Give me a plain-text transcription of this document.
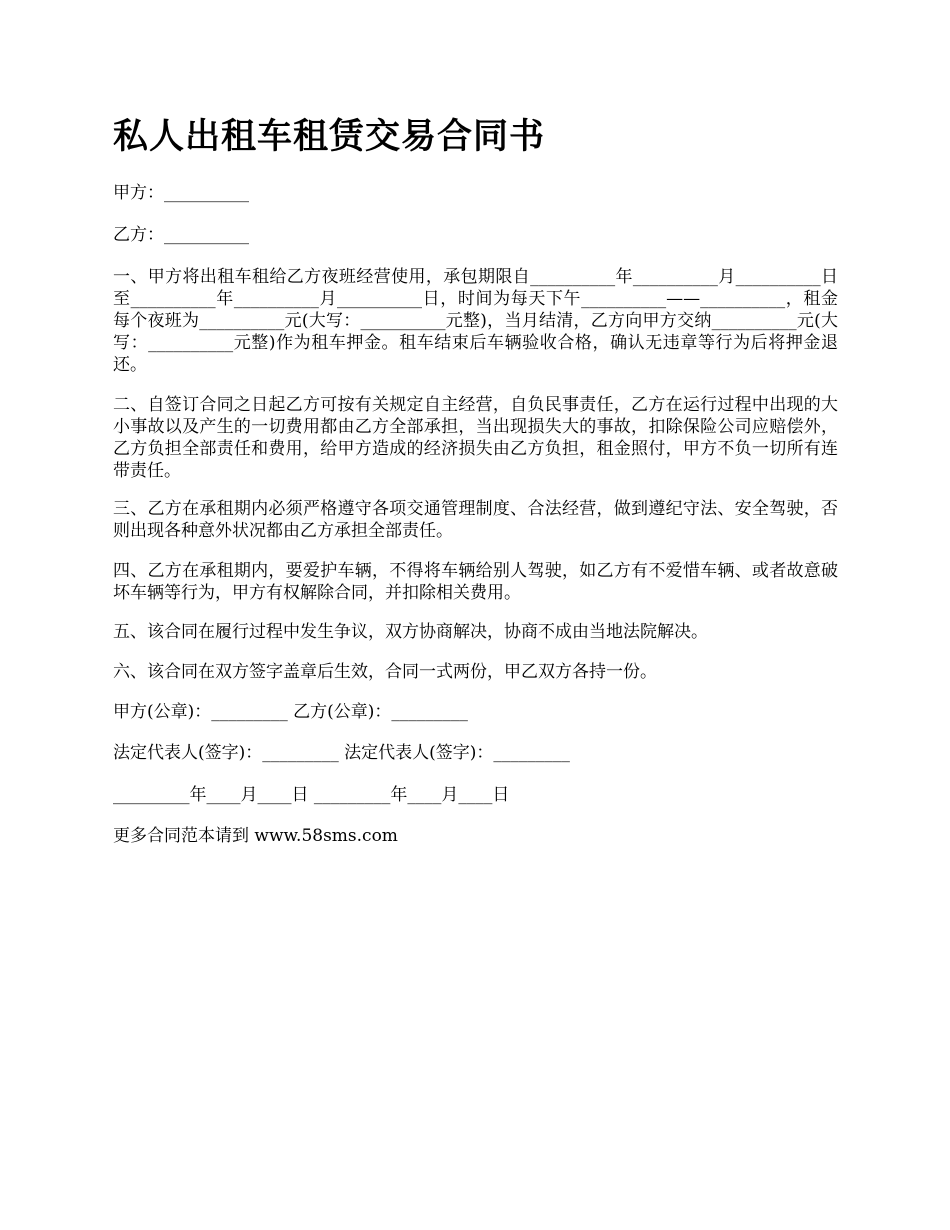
私人出租车租赁交易合同书

甲方：__________

乙方：__________

一、甲方将出租车租给乙方夜班经营使用，承包期限自__________年__________月__________日至__________年__________月__________日，时间为每天下午__________——__________，租金每个夜班为__________元(大写：__________元整)，当月结清，乙方向甲方交纳__________元(大写：__________元整)作为租车押金。租车结束后车辆验收合格，确认无违章等行为后将押金退还。

二、自签订合同之日起乙方可按有关规定自主经营，自负民事责任，乙方在运行过程中出现的大小事故以及产生的一切费用都由乙方全部承担，当出现损失大的事故，扣除保险公司应赔偿外，乙方负担全部责任和费用，给甲方造成的经济损失由乙方负担，租金照付，甲方不负一切所有连带责任。

三、乙方在承租期内必须严格遵守各项交通管理制度、合法经营，做到遵纪守法、安全驾驶，否则出现各种意外状况都由乙方承担全部责任。

四、乙方在承租期内，要爱护车辆，不得将车辆给别人驾驶，如乙方有不爱惜车辆、或者故意破坏车辆等行为，甲方有权解除合同，并扣除相关费用。

五、该合同在履行过程中发生争议，双方协商解决，协商不成由当地法院解决。

六、该合同在双方签字盖章后生效，合同一式两份，甲乙双方各持一份。

甲方(公章)：_________ 乙方(公章)：_________

法定代表人(签字)：_________ 法定代表人(签字)：_________

_________年____月____日 _________年____月____日

更多合同范本请到 www.58sms.com
